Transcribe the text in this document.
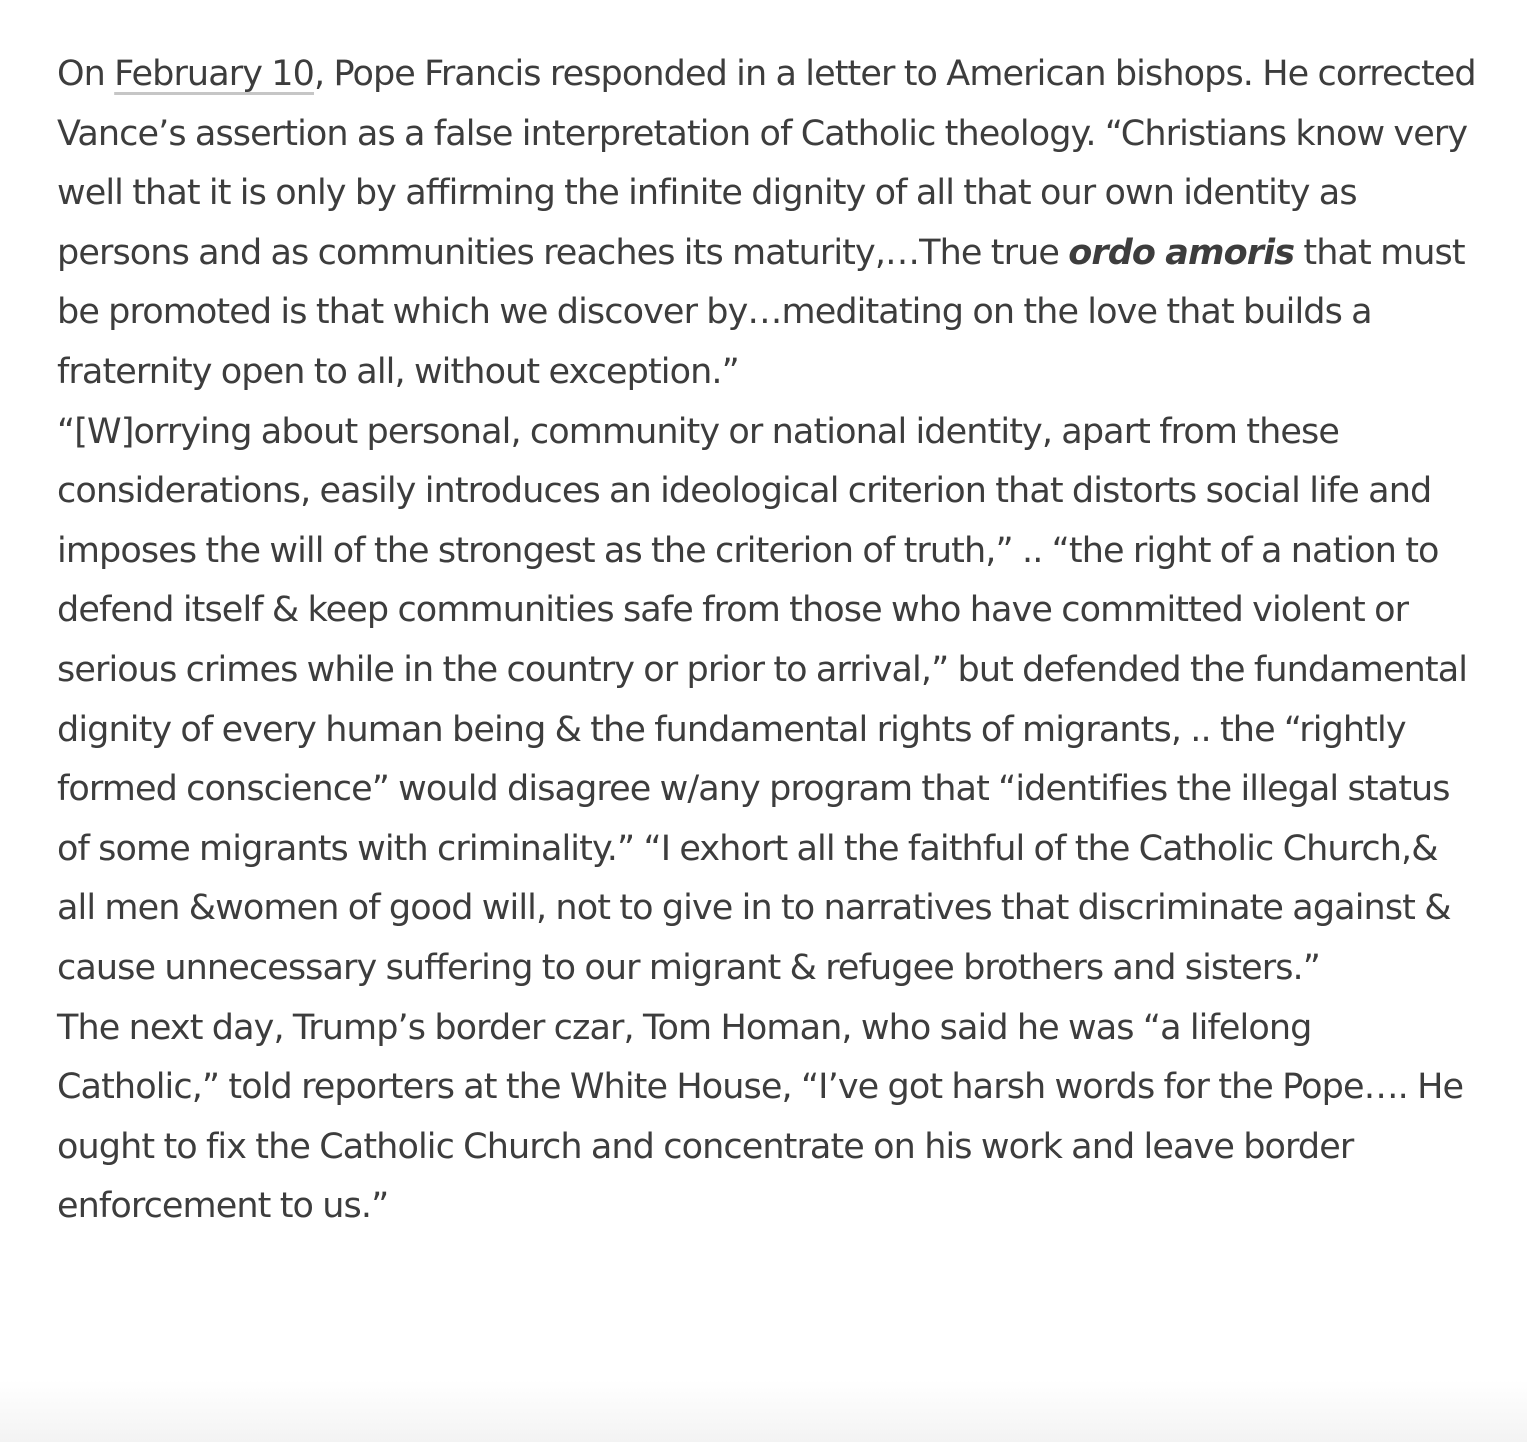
On February 10, Pope Francis responded in a letter to American bishops. He corrected Vance’s assertion as a false interpretation of Catholic theology. “Christians know very well that it is only by affirming the infinite dignity of all that our own identity as persons and as communities reaches its maturity,…The true ordo amoris that must be promoted is that which we discover by…meditating on the love that builds a fraternity open to all, without exception.”

“[W]orrying about personal, community or national identity, apart from these considerations, easily introduces an ideological criterion that distorts social life and imposes the will of the strongest as the criterion of truth,” .. “the right of a nation to defend itself & keep communities safe from those who have committed violent or serious crimes while in the country or prior to arrival,” but defended the fundamental dignity of every human being & the fundamental rights of migrants, .. the “rightly formed conscience” would disagree w/any program that “identifies the illegal status of some migrants with criminality.” “I exhort all the faithful of the Catholic Church,& all men &women of good will, not to give in to narratives that discriminate against & cause unnecessary suffering to our migrant & refugee brothers and sisters.”

The next day, Trump’s border czar, Tom Homan, who said he was “a lifelong Catholic,” told reporters at the White House, “I’ve got harsh words for the Pope…. He ought to fix the Catholic Church and concentrate on his work and leave border enforcement to us.”
